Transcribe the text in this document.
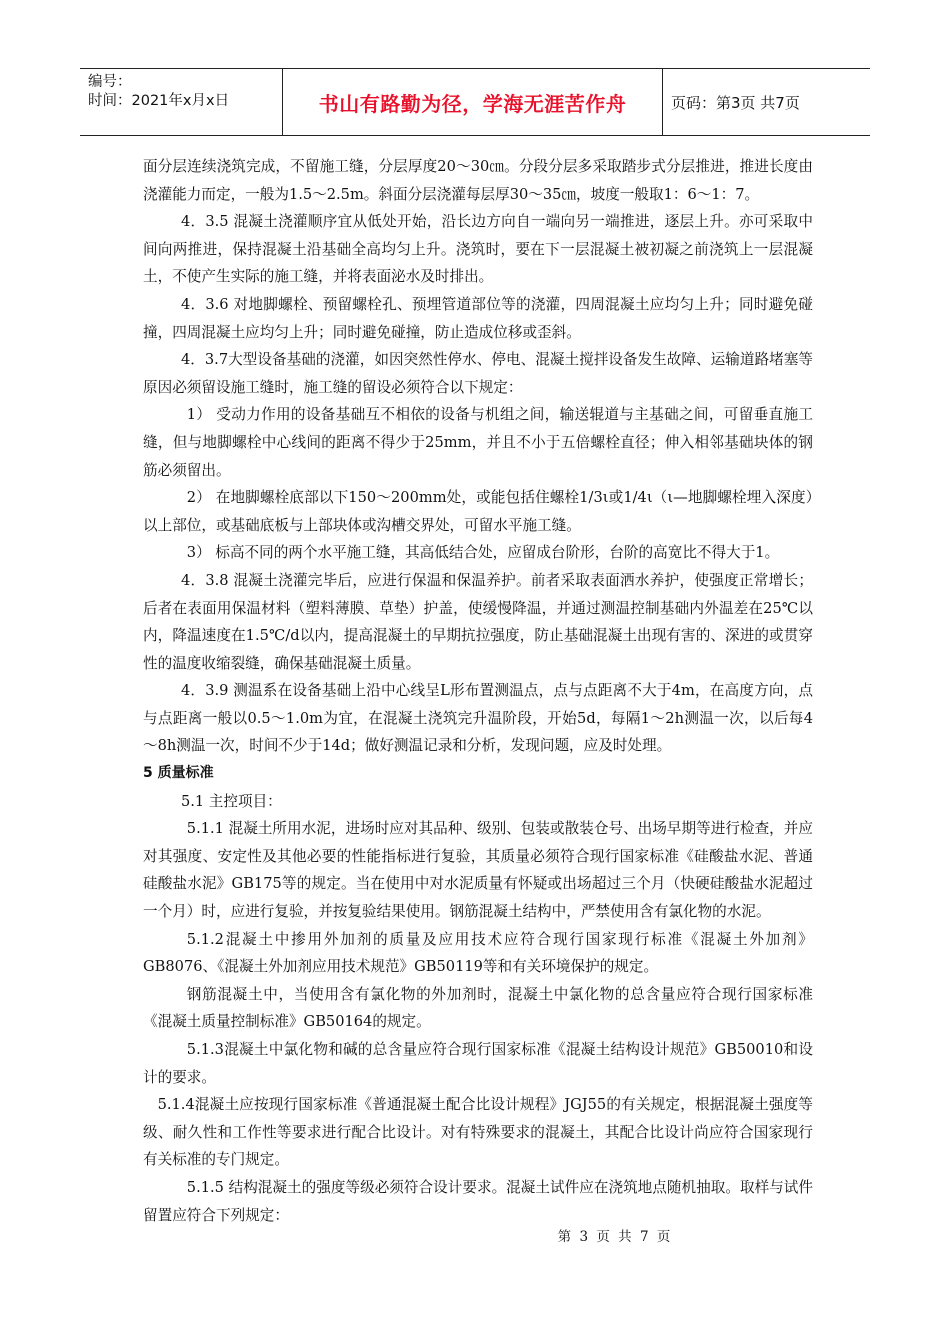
编号：
时间：2021年x月x日	书山有路勤为径，学海无涯苦作舟	页码：第3页 共7页

面分层连续浇筑完成，不留施工缝，分层厚度20～30㎝。分段分层多采取踏步式分层推进，推进长度由浇灌能力而定，一般为1.5～2.5m。斜面分层浇灌每层厚30～35㎝，坡度一般取1：6～1：7。

4．3.5 混凝土浇灌顺序宜从低处开始，沿长边方向自一端向另一端推进，逐层上升。亦可采取中间向两推进，保持混凝土沿基础全高均匀上升。浇筑时，要在下一层混凝土被初凝之前浇筑上一层混凝土，不使产生实际的施工缝，并将表面泌水及时排出。

4．3.6 对地脚螺栓、预留螺栓孔、预埋管道部位等的浇灌，四周混凝土应均匀上升；同时避免碰撞，四周混凝土应均匀上升；同时避免碰撞，防止造成位移或歪斜。

4．3.7大型设备基础的浇灌，如因突然性停水、停电、混凝土搅拌设备发生故障、运输道路堵塞等原因必须留设施工缝时，施工缝的留设必须符合以下规定：

1） 受动力作用的设备基础互不相依的设备与机组之间，输送辊道与主基础之间，可留垂直施工缝，但与地脚螺栓中心线间的距离不得少于25mm，并且不小于五倍螺栓直径；伸入相邻基础块体的钢筋必须留出。

2） 在地脚螺栓底部以下150～200mm处，或能包括住螺栓1/3ι或1/4ι（ι—地脚螺栓埋入深度）以上部位，或基础底板与上部块体或沟槽交界处，可留水平施工缝。

3） 标高不同的两个水平施工缝，其高低结合处，应留成台阶形，台阶的高宽比不得大于1。

4．3.8 混凝土浇灌完毕后，应进行保温和保温养护。前者采取表面洒水养护，使强度正常增长；后者在表面用保温材料（塑料薄膜、草垫）护盖，使缓慢降温，并通过测温控制基础内外温差在25℃以内，降温速度在1.5℃/d以内，提高混凝土的早期抗拉强度，防止基础混凝土出现有害的、深进的或贯穿性的温度收缩裂缝，确保基础混凝土质量。

4．3.9 测温系在设备基础上沿中心线呈L形布置测温点，点与点距离不大于4m，在高度方向，点与点距离一般以0.5～1.0m为宜，在混凝土浇筑完升温阶段，开始5d，每隔1～2h测温一次，以后每4～8h测温一次，时间不少于14d；做好测温记录和分析，发现问题，应及时处理。

5 质量标准

5.1 主控项目：

5.1.1 混凝土所用水泥，进场时应对其品种、级别、包装或散装仓号、出场早期等进行检查，并应对其强度、安定性及其他必要的性能指标进行复验，其质量必须符合现行国家标准《硅酸盐水泥、普通硅酸盐水泥》GB175等的规定。当在使用中对水泥质量有怀疑或出场超过三个月（快硬硅酸盐水泥超过一个月）时，应进行复验，并按复验结果使用。钢筋混凝土结构中，严禁使用含有氯化物的水泥。

5.1.2混凝土中掺用外加剂的质量及应用技术应符合现行国家现行标准《混凝土外加剂》GB8076、《混凝土外加剂应用技术规范》GB50119等和有关环境保护的规定。

钢筋混凝土中，当使用含有氯化物的外加剂时，混凝土中氯化物的总含量应符合现行国家标准《混凝土质量控制标准》GB50164的规定。

5.1.3混凝土中氯化物和碱的总含量应符合现行国家标准《混凝土结构设计规范》GB50010和设计的要求。

5.1.4混凝土应按现行国家标准《普通混凝土配合比设计规程》JGJ55的有关规定，根据混凝土强度等级、耐久性和工作性等要求进行配合比设计。对有特殊要求的混凝土，其配合比设计尚应符合国家现行有关标准的专门规定。

5.1.5 结构混凝土的强度等级必须符合设计要求。混凝土试件应在浇筑地点随机抽取。取样与试件留置应符合下列规定：

第 3 页 共 7 页
